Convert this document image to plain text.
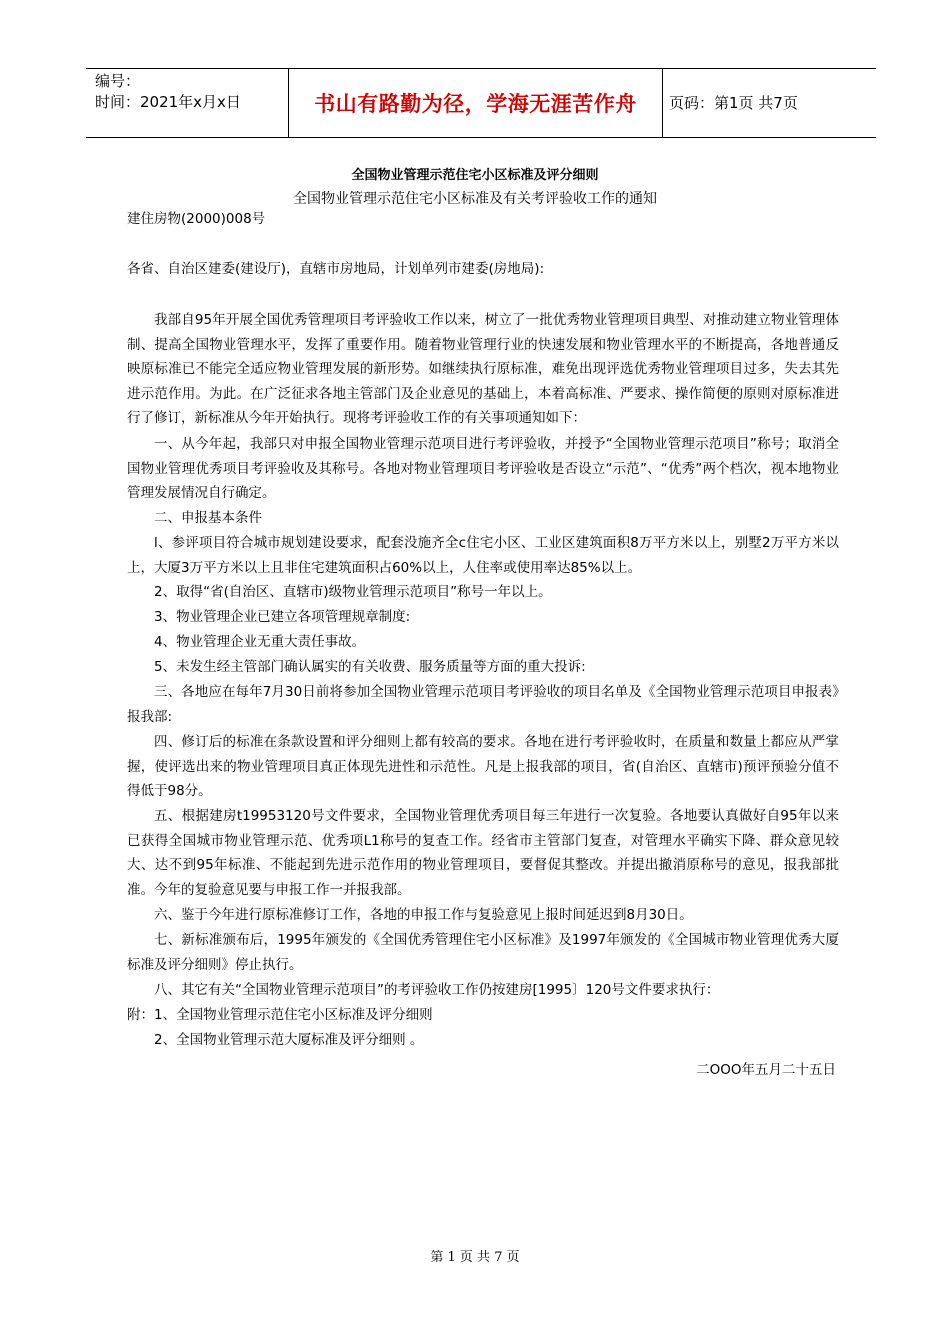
编号：
时间：2021年x月x日	书山有路勤为径，学海无涯苦作舟 页码：第1页 共7页
全国物业管理示范住宅小区标准及评分细则
全国物业管理示范住宅小区标准及有关考评验收工作的通知
建住房物(2000)008号
各省、自治区建委(建设厅)，直辖市房地局，计划单列市建委(房地局):
我部自95年开展全国优秀管理项目考评验收工作以来，树立了一批优秀物业管理项目典型、对推动建立物业管理体制、提高全国物业管理水平，发挥了重要作用。随着物业管理行业的快速发展和物业管理水平的不断提高，各地普通反映原标准已不能完全适应物业管理发展的新形势。如继续执行原标准，难免出现评选优秀物业管理项目过多，失去其先进示范作用。为此。在广泛征求各地主管部门及企业意见的基础上，本着高标准、严要求、操作简便的原则对原标准进行了修订，新标准从今年开始执行。现将考评验收工作的有关事项通知如下：
一、从今年起，我部只对申报全国物业管理示范项目进行考评验收，并授予“全国物业管理示范项目”称号；取消全国物业管理优秀项目考评验收及其称号。各地对物业管理项目考评验收是否设立“示范”、“优秀”两个档次，视本地物业管理发展情况自行确定。
二、申报基本条件
l、参评项目符合城市规划建设要求，配套没施齐全c住宅小区、工业区建筑面积8万平方米以上，别墅2万平方米以上，大厦3万平方米以上且非住宅建筑面积占60%以上，人住率或使用率达85%以上。
2、取得“省(自治区、直辖市)级物业管理示范项目”称号一年以上。
3、物业管理企业已建立各项管理规章制度:
4、物业管理企业无重大责任事故。
5、未发生经主管部门确认属实的有关收费、服务质量等方面的重大投诉:
三、各地应在每年7月30日前将参加全国物业管理示范项目考评验收的项目名单及《全国物业管理示范项目申报表》报我部:
四、修订后的标准在条款设置和评分细则上都有较高的要求。各地在进行考评验收时，在质量和数量上都应从严掌握，使评选出来的物业管理项目真正体现先进性和示范性。凡是上报我部的项目，省(自治区、直辖市)预评预验分值不得低于98分。
五、根据建房t19953120号文件要求，全国物业管理优秀项目每三年进行一次复验。各地要认真做好自95年以来已获得全国城市物业管理示范、优秀项L1称号的复查工作。经省市主管部门复查，对管理水平确实下降、群众意见较大、达不到95年标准、不能起到先进示范作用的物业管理项目，要督促其整改。并提出撤消原称号的意见，报我部批准。今年的复验意见要与申报工作一并报我部。
六、鉴于今年进行原标准修订工作，各地的申报工作与复验意见上报时间延迟到8月30日。
七、新标准颁布后，1995年颁发的《全国优秀管理住宅小区标准》及1997年颁发的《全国城市物业管理优秀大厦标准及评分细则》停止执行。
八、其它有关“全国物业管理示范项目”的考评验收工作仍按建房[1995〕120号文件要求执行：
附：1、全国物业管理示范住宅小区标准及评分细则
2、全国物业管理示范大厦标准及评分细则 。
二OOO年五月二十五日
第 1 页 共 7 页
